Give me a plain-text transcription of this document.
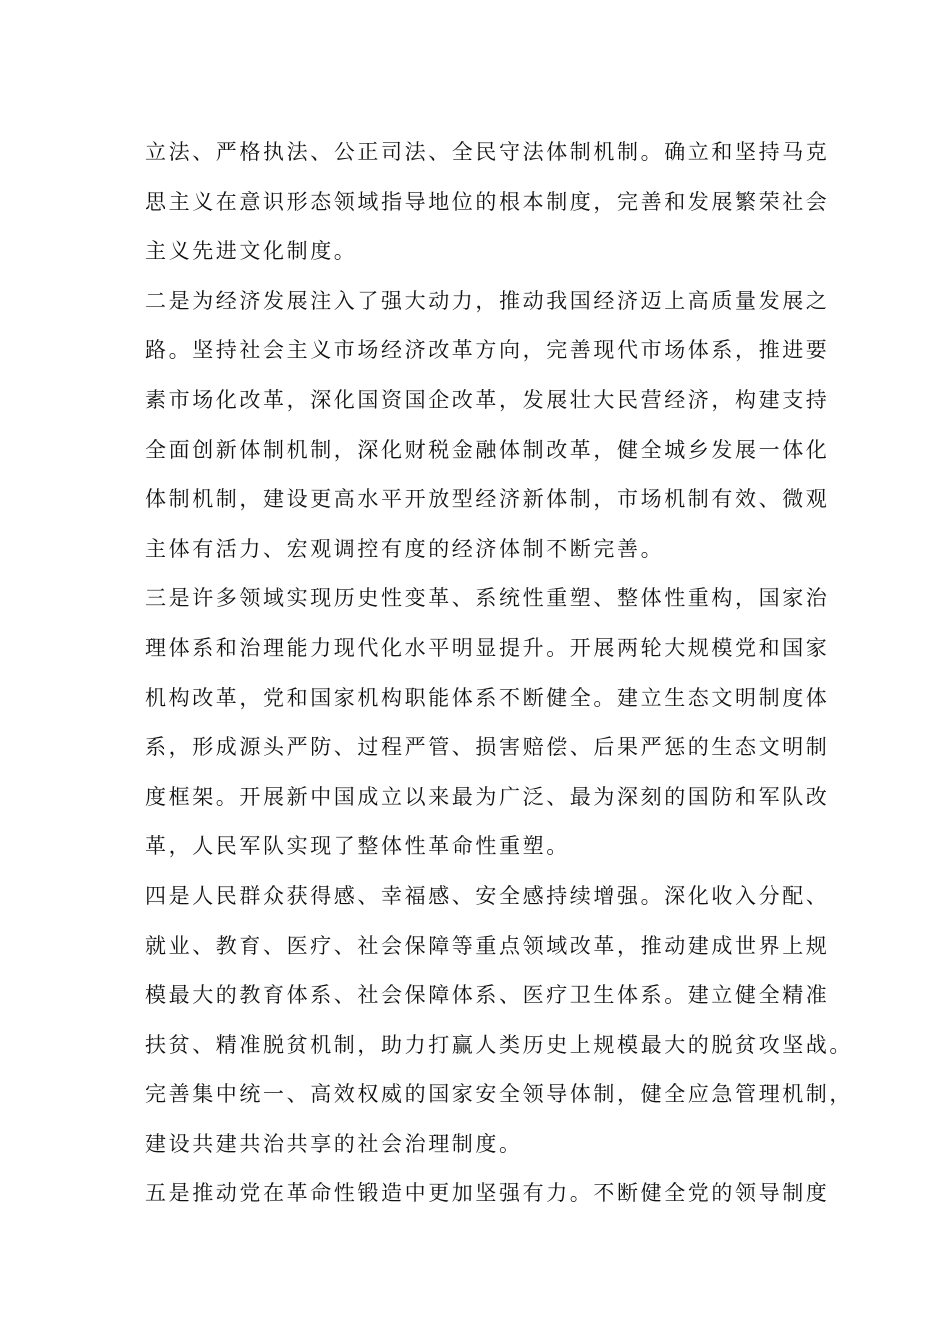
立法、严格执法、公正司法、全民守法体制机制。确立和坚持马克
思主义在意识形态领域指导地位的根本制度，完善和发展繁荣社会
主义先进文化制度。
二是为经济发展注入了强大动力，推动我国经济迈上高质量发展之
路。坚持社会主义市场经济改革方向，完善现代市场体系，推进要
素市场化改革，深化国资国企改革，发展壮大民营经济，构建支持
全面创新体制机制，深化财税金融体制改革，健全城乡发展一体化
体制机制，建设更高水平开放型经济新体制，市场机制有效、微观
主体有活力、宏观调控有度的经济体制不断完善。
三是许多领域实现历史性变革、系统性重塑、整体性重构，国家治
理体系和治理能力现代化水平明显提升。开展两轮大规模党和国家
机构改革，党和国家机构职能体系不断健全。建立生态文明制度体
系，形成源头严防、过程严管、损害赔偿、后果严惩的生态文明制
度框架。开展新中国成立以来最为广泛、最为深刻的国防和军队改
革，人民军队实现了整体性革命性重塑。
四是人民群众获得感、幸福感、安全感持续增强。深化收入分配、
就业、教育、医疗、社会保障等重点领域改革，推动建成世界上规
模最大的教育体系、社会保障体系、医疗卫生体系。建立健全精准
扶贫、精准脱贫机制，助力打赢人类历史上规模最大的脱贫攻坚战。
完善集中统一、高效权威的国家安全领导体制，健全应急管理机制，
建设共建共治共享的社会治理制度。
五是推动党在革命性锻造中更加坚强有力。不断健全党的领导制度
